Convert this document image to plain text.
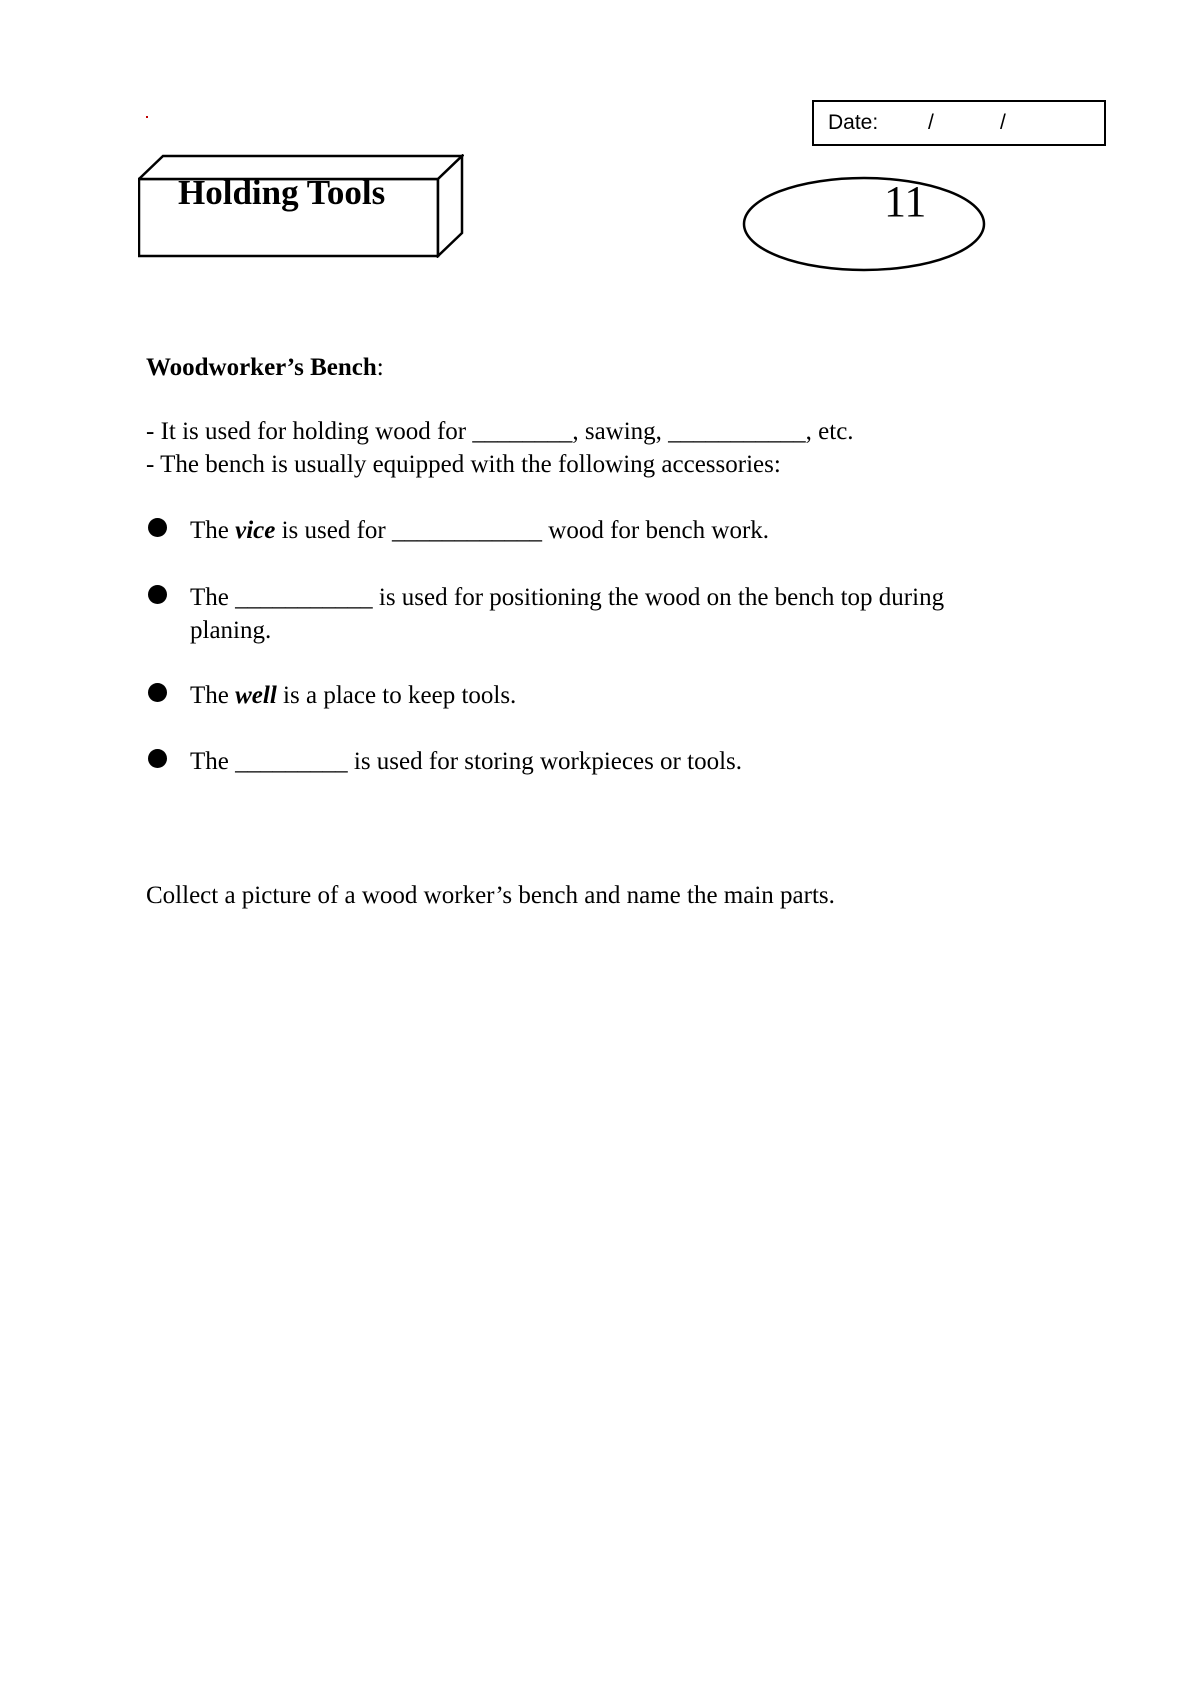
Date: /	/
Holding Tools	11
Woodworker’s Bench:
- It is used for holding wood for ________, sawing, ___________, etc.
- The bench is usually equipped with the following accessories:
The vice is used for ____________ wood for bench work.
The ___________ is used for positioning the wood on the bench top during
planing.
The well is a place to keep tools.
The _________ is used for storing workpieces or tools.
Collect a picture of a wood worker’s bench and name the main parts.
